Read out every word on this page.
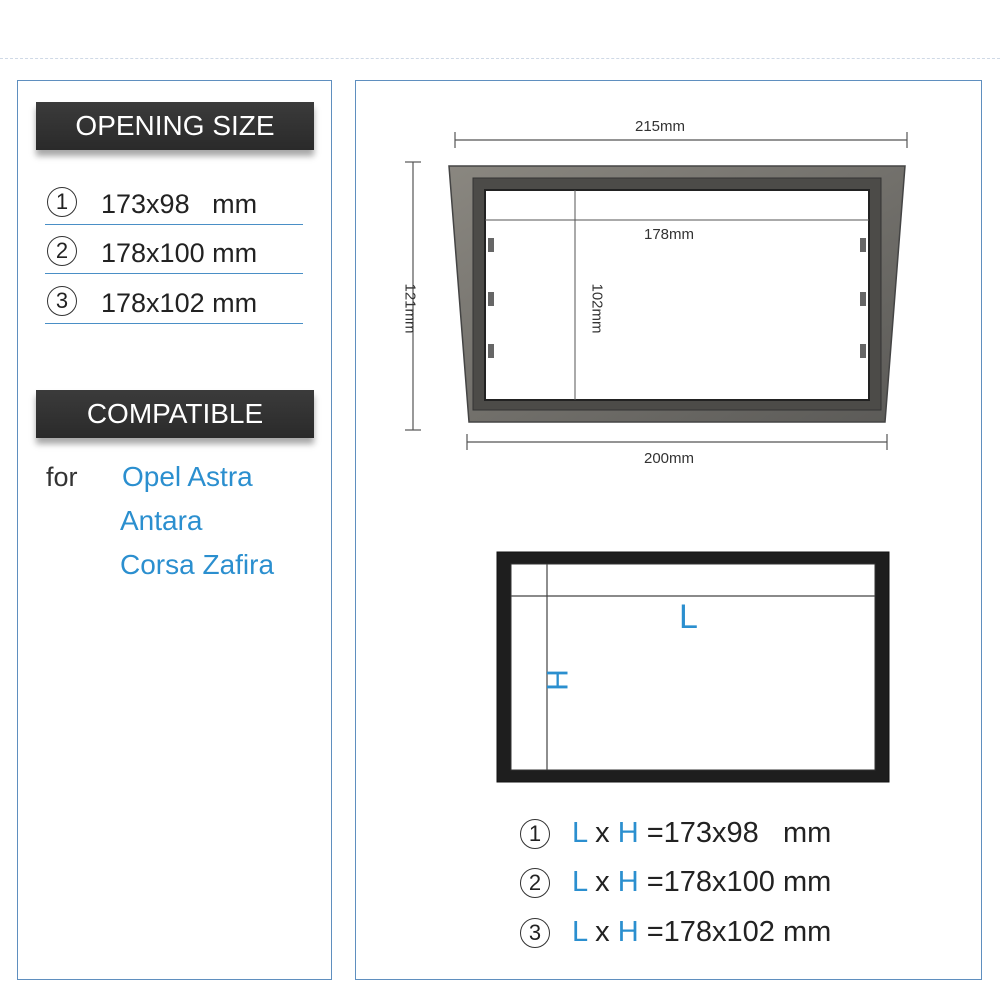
OPENING SIZE
1	173x98   mm
2	178x100 mm
3	178x102 mm
COMPATIBLE
for Opel Astra
Antara
Corsa Zafira
215mm
178mm
200mm
121mm	102mm
L
H
1 L x H =173x98   mm
2 L x H =178x100 mm
3 L x H =178x102 mm
